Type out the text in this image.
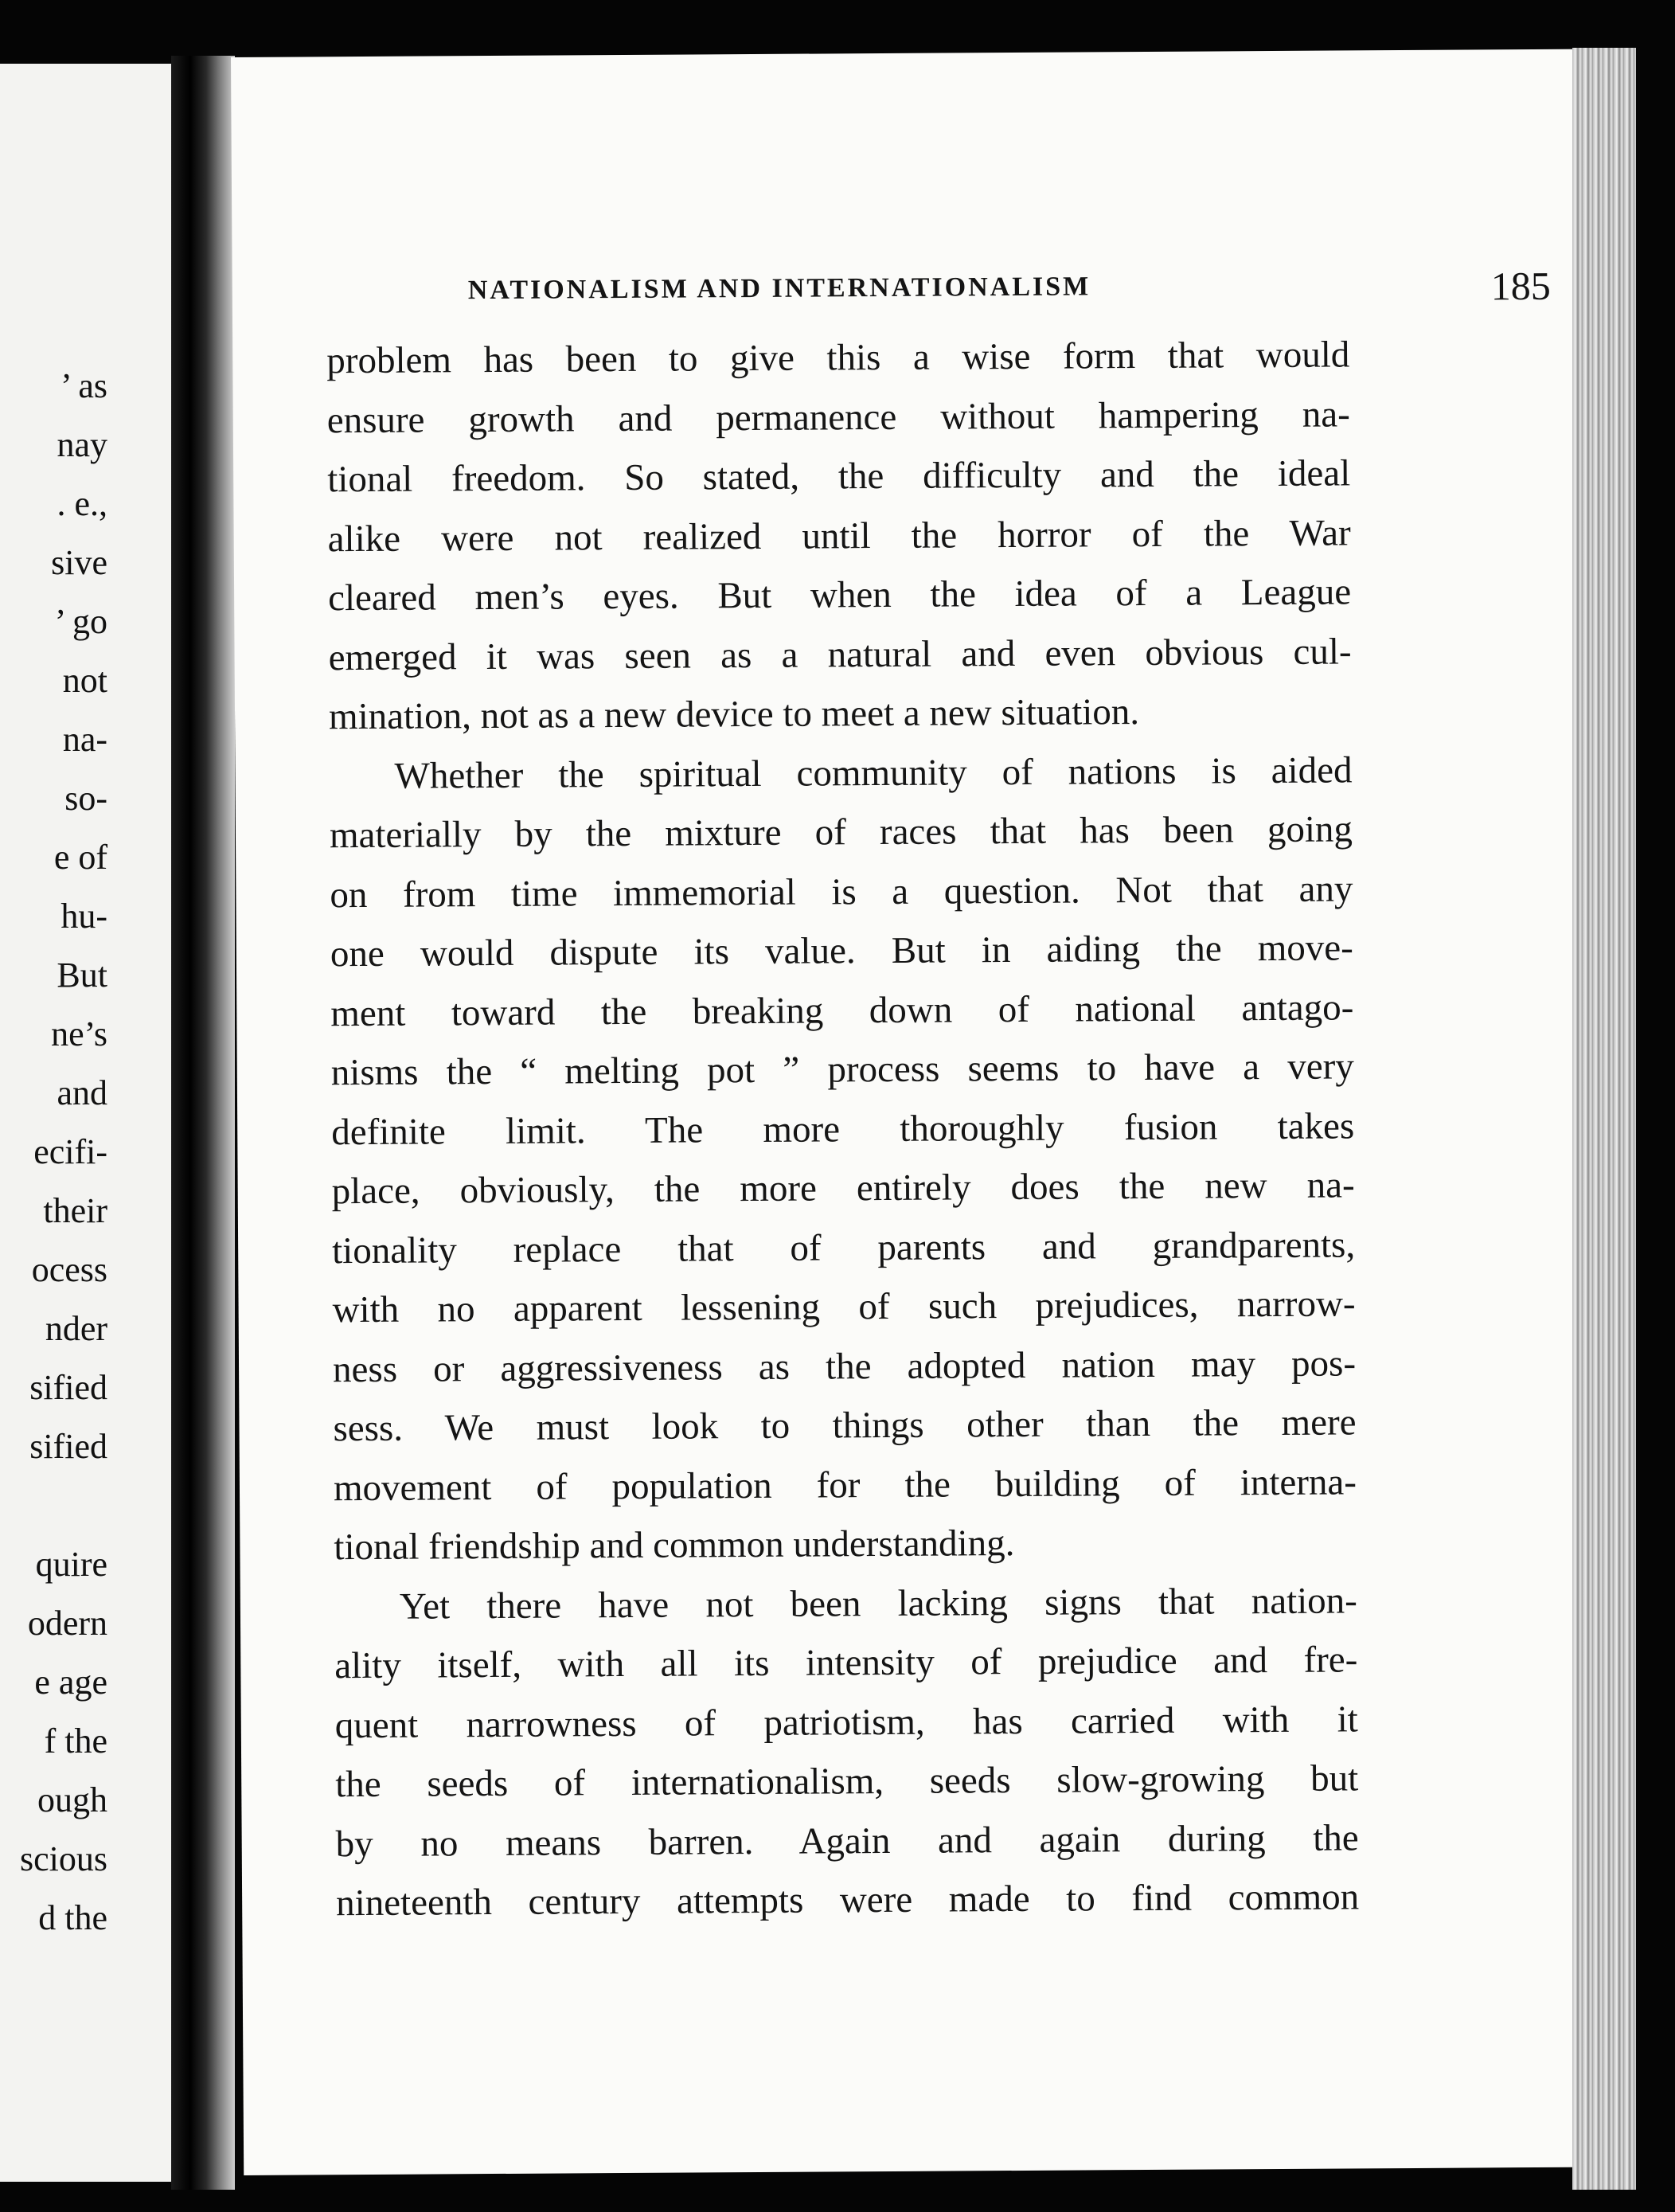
’ as
nay
. e.,
sive
’ go
not
na-
so-
e of
hu-
But
ne’s
and
ecifi-
their
ocess
nder
sified
sified
quire
odern
e age
f the
ough
scious
d the
NATIONALISM AND INTERNATIONALISM	185
problem has been to give this a wise form that would
ensure growth and permanence without hampering na-
tional freedom. So stated, the difficulty and the ideal
alike were not realized until the horror of the War
cleared men’s eyes. But when the idea of a League
emerged it was seen as a natural and even obvious cul-
mination, not as a new device to meet a new situation.
Whether the spiritual community of nations is aided
materially by the mixture of races that has been going
on from time immemorial is a question. Not that any
one would dispute its value. But in aiding the move-
ment toward the breaking down of national antago-
nisms the “ melting pot ” process seems to have a very
definite limit. The more thoroughly fusion takes
place, obviously, the more entirely does the new na-
tionality replace that of parents and grandparents,
with no apparent lessening of such prejudices, narrow-
ness or aggressiveness as the adopted nation may pos-
sess. We must look to things other than the mere
movement of population for the building of interna-
tional friendship and common understanding.
Yet there have not been lacking signs that nation-
ality itself, with all its intensity of prejudice and fre-
quent narrowness of patriotism, has carried with it
the seeds of internationalism, seeds slow-growing but
by no means barren. Again and again during the
nineteenth century attempts were made to find common
